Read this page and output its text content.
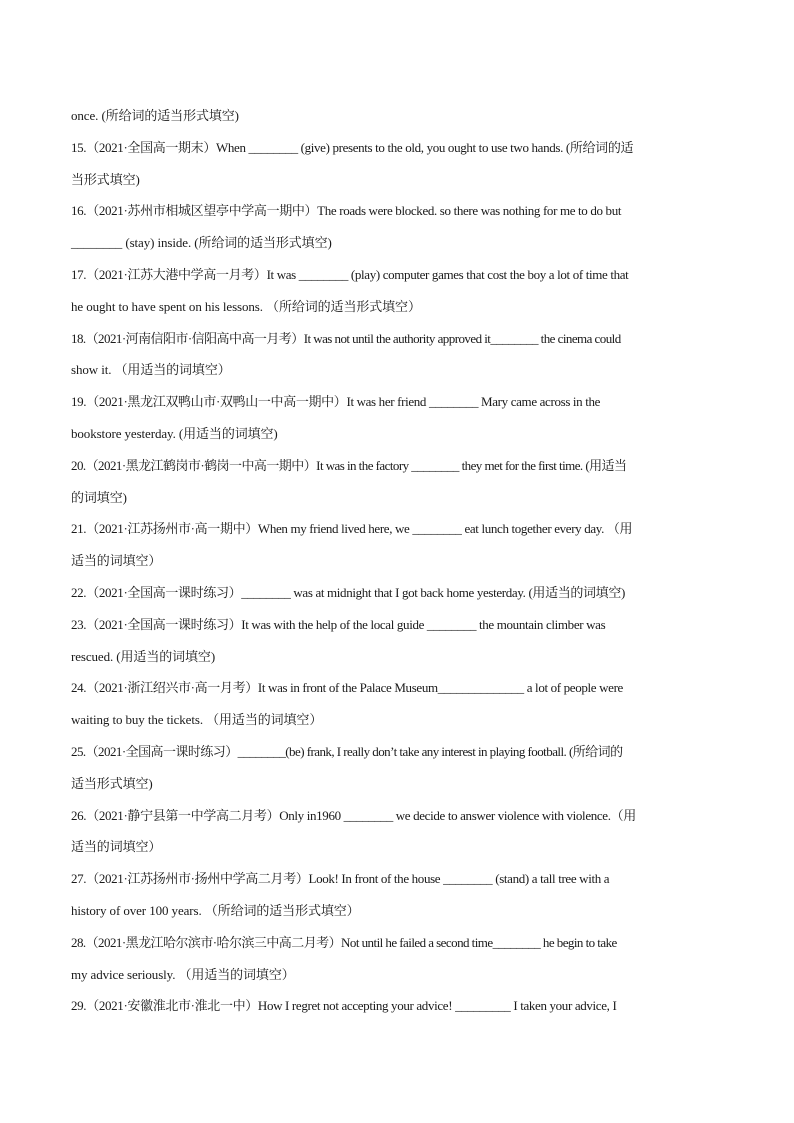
once. (所给词的适当形式填空)
15.（2021·全国高一期末）When ________ (give) presents to the old, you ought to use two hands. (所给词的适
当形式填空)
16.（2021·苏州市相城区望亭中学高一期中）The roads were blocked. so there was nothing for me to do but
________ (stay) inside. (所给词的适当形式填空)
17.（2021·江苏大港中学高一月考）It was ________ (play) computer games that cost the boy a lot of time that
he ought to have spent on his lessons. （所给词的适当形式填空）
18.（2021·河南信阳市·信阳高中高一月考）It was not until the authority approved it________ the cinema could
show it. （用适当的词填空）
19.（2021·黑龙江双鸭山市·双鸭山一中高一期中）It was her friend ________ Mary came across in the
bookstore yesterday. (用适当的词填空)
20.（2021·黑龙江鹤岗市·鹤岗一中高一期中）It was in the factory ________ they met for the first time. (用适当
的词填空)
21.（2021·江苏扬州市·高一期中）When my friend lived here, we ________ eat lunch together every day. （用
适当的词填空）
22.（2021·全国高一课时练习）________ was at midnight that I got back home yesterday. (用适当的词填空)
23.（2021·全国高一课时练习）It was with the help of the local guide ________ the mountain climber was
rescued. (用适当的词填空)
24.（2021·浙江绍兴市·高一月考）It was in front of the Palace Museum______________ a lot of people were
waiting to buy the tickets. （用适当的词填空）
25.（2021·全国高一课时练习）________(be) frank, I really don’t take any interest in playing football. (所给词的
适当形式填空)
26.（2021·静宁县第一中学高二月考）Only in1960 ________ we decide to answer violence with violence.（用
适当的词填空）
27.（2021·江苏扬州市·扬州中学高二月考）Look! In front of the house ________ (stand) a tall tree with a
history of over 100 years. （所给词的适当形式填空）
28.（2021·黑龙江哈尔滨市·哈尔滨三中高二月考）Not until he failed a second time________ he begin to take
my advice seriously. （用适当的词填空）
29.（2021·安徽淮北市·淮北一中）How I regret not accepting your advice! _________ I taken your advice, I
